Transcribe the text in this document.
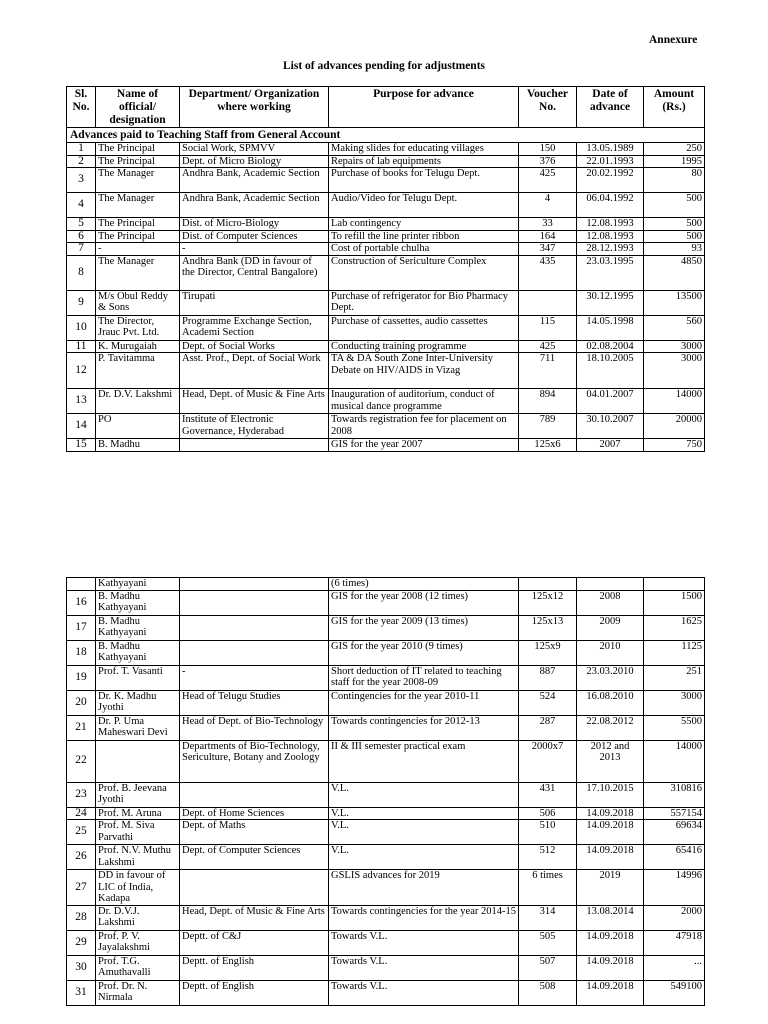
Annexure
List of advances pending for adjustments
Sl. No.	Name of official/ designation	Department/ Organization where working	Purpose for advance	Voucher No.	Date of advance	Amount (Rs.)
Advances paid to Teaching Staff from General Account						
1	The Principal	Social Work, SPMVV	Making slides for educating villages	150	13.05.1989	250
2	The Principal	Dept. of Micro Biology	Repairs of lab equipments	376	22.01.1993	1995
3	The Manager	Andhra Bank, Academic Section	Purchase of books for Telugu Dept.	425	20.02.1992	80
4	The Manager	Andhra Bank, Academic Section	Audio/Video for Telugu Dept.	4	06.04.1992	500
5	The Principal	Dist. of Micro-Biology	Lab contingency	33	12.08.1993	500
6	The Principal	Dist. of Computer Sciences	To refill the line printer ribbon	164	12.08.1993	500
7	-	-	Cost of portable chulha	347	28.12.1993	93
8	The Manager	Andhra Bank (DD in favour of the Director, Central Bangalore)	Construction of Sericulture Complex	435	23.03.1995	4850
9	M/s Obul Reddy & Sons	Tirupati	Purchase of refrigerator for Bio Pharmacy Dept.		30.12.1995	13500
10	The Director, Jrauc Pvt. Ltd.	Programme Exchange Section, Academi Section	Purchase of cassettes, audio cassettes	115	14.05.1998	560
11	K. Murugaiah	Dept. of Social Works	Conducting training programme	425	02.08.2004	3000
12	P. Tavitamma	Asst. Prof., Dept. of Social Work	TA & DA South Zone Inter-University Debate on HIV/AIDS in Vizag	711	18.10.2005	3000
13	Dr. D.V. Lakshmi	Head, Dept. of Music & Fine Arts	Inauguration of auditorium, conduct of musical dance programme	894	04.01.2007	14000
14	PO	Institute of Electronic Governance, Hyderabad	Towards registration fee for placement on 2008	789	30.10.2007	20000
15	B. Madhu		GIS for the year 2007	125x6	2007	750
	Kathyayani		(6 times)			
16	B. Madhu Kathyayani		GIS for the year 2008 (12 times)	125x12	2008	1500
17	B. Madhu Kathyayani		GIS for the year 2009 (13 times)	125x13	2009	1625
18	B. Madhu Kathyayani		GIS for the year 2010 (9 times)	125x9	2010	1125
19	Prof. T. Vasanti	-	Short deduction of IT related to teaching staff for the year 2008-09	887	23.03.2010	251
20	Dr. K. Madhu Jyothi	Head of Telugu Studies	Contingencies for the year 2010-11	524	16.08.2010	3000
21	Dr. P. Uma Maheswari Devi	Head of Dept. of Bio-Technology	Towards contingencies for 2012-13	287	22.08.2012	5500
22		Departments of Bio-Technology, Sericulture, Botany and Zoology	II & III semester practical exam	2000x7	2012 and 2013	14000
23	Prof. B. Jeevana Jyothi		V.L.	431	17.10.2015	310816
24	Prof. M. Aruna	Dept. of Home Sciences	V.L.	506	14.09.2018	557154
25	Prof. M. Siva Parvathi	Dept. of Maths	V.L.	510	14.09.2018	69634
26	Prof. N.V. Muthu Lakshmi	Dept. of Computer Sciences	V.L.	512	14.09.2018	65416
27	DD in favour of LIC of India, Kadapa		GSLIS advances for 2019	6 times	2019	14996
28	Dr. D.V.J. Lakshmi	Head, Dept. of Music & Fine Arts	Towards contingencies for the year 2014-15	314	13.08.2014	2000
29	Prof. P. V. Jayalakshmi	Deptt. of C&J	Towards V.L.	505	14.09.2018	47918
30	Prof. T.G. Amuthavalli	Deptt. of English	Towards V.L.	507	14.09.2018	...
31	Prof. Dr. N. Nirmala	Deptt. of English	Towards V.L.	508	14.09.2018	549100
